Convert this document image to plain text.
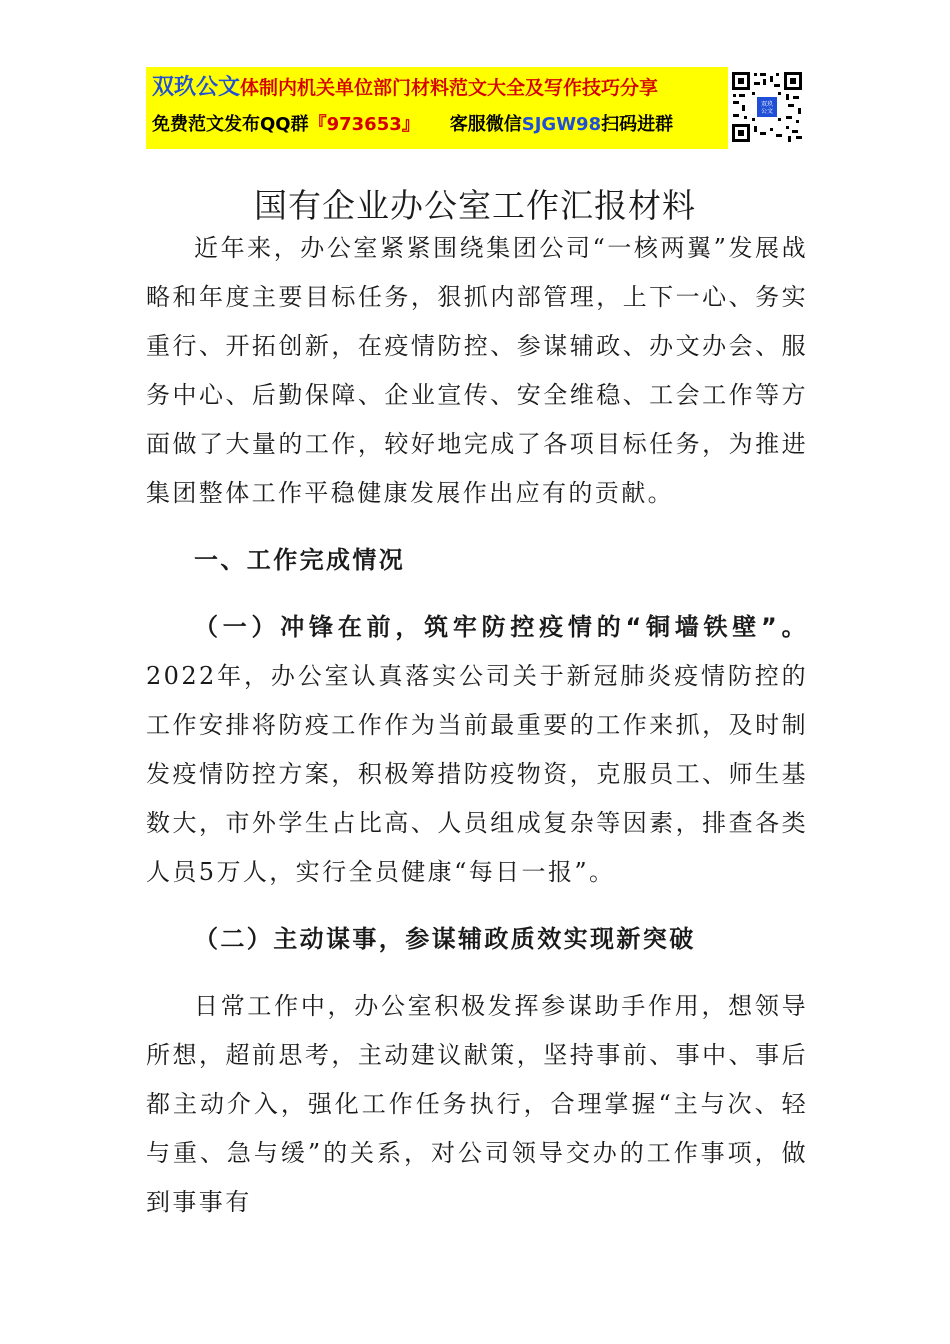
双玖公文体制内机关单位部门材料范文大全及写作技巧分享
免费范文发布QQ群『973653』 客服微信SJGW98扫码进群
双玖
公文
国有企业办公室工作汇报材料

近年来，办公室紧紧围绕集团公司“一核两翼”发展战略和年度主要目标任务，狠抓内部管理，上下一心、务实重行、开拓创新，在疫情防控、参谋辅政、办文办会、服务中心、后勤保障、企业宣传、安全维稳、工会工作等方面做了大量的工作，较好地完成了各项目标任务，为推进集团整体工作平稳健康发展作出应有的贡献。

一、工作完成情况

（一）冲锋在前，筑牢防控疫情的“铜墙铁壁”。2022年，办公室认真落实公司关于新冠肺炎疫情防控的工作安排将防疫工作作为当前最重要的工作来抓，及时制发疫情防控方案，积极筹措防疫物资，克服员工、师生基数大，市外学生占比高、人员组成复杂等因素，排查各类人员5万人，实行全员健康“每日一报”。

（二）主动谋事，参谋辅政质效实现新突破

日常工作中，办公室积极发挥参谋助手作用，想领导所想，超前思考，主动建议献策，坚持事前、事中、事后都主动介入，强化工作任务执行，合理掌握“主与次、轻与重、急与缓”的关系，对公司领导交办的工作事项，做到事事有
